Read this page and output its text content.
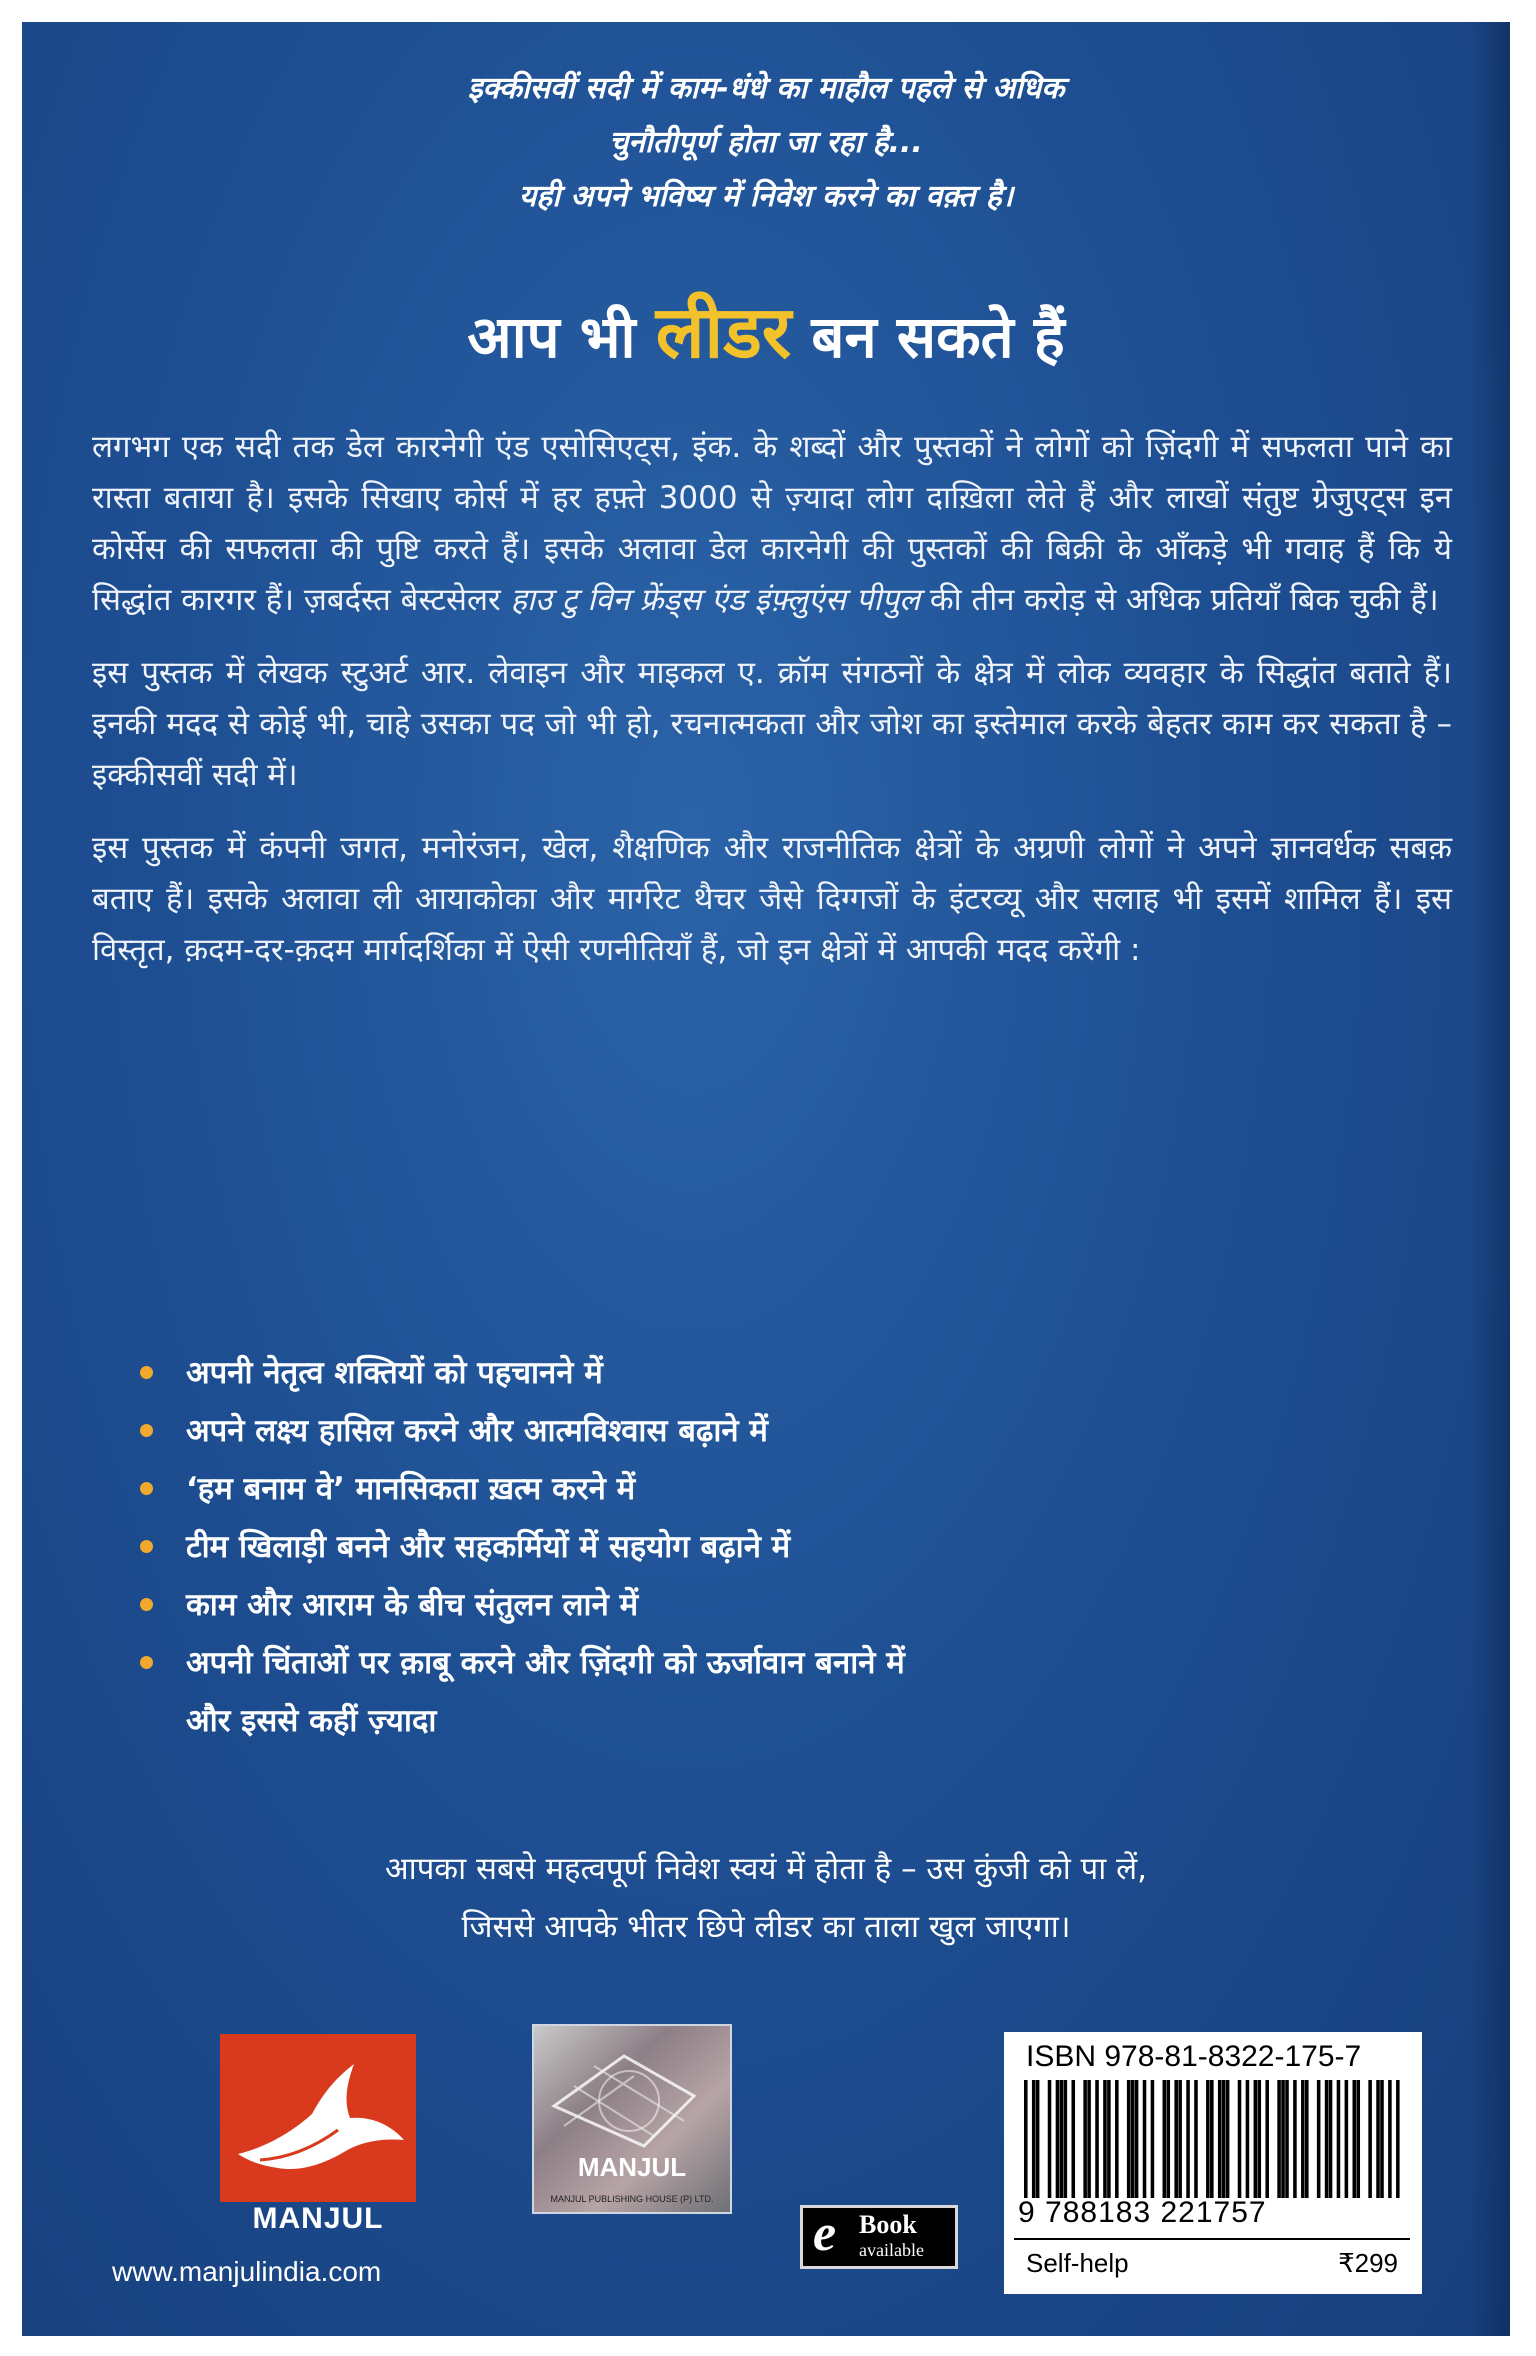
इक्कीसवीं सदी में काम-धंधे का माहौल पहले से अधिक
चुनौतीपूर्ण होता जा रहा है...
यही अपने भविष्य में निवेश करने का वक़्त है।
आप भी लीडर बन सकते हैं

लगभग एक सदी तक डेल कारनेगी एंड एसोसिएट्स, इंक. के शब्दों और पुस्तकों ने लोगों को ज़िंदगी में सफलता पाने का रास्ता बताया है। इसके सिखाए कोर्स में हर हफ़्ते 3000 से ज़्यादा लोग दाख़िला लेते हैं और लाखों संतुष्ट ग्रेजुएट्स इन कोर्सेस की सफलता की पुष्टि करते हैं। इसके अलावा डेल कारनेगी की पुस्तकों की बिक्री के आँकड़े भी गवाह हैं कि ये सिद्धांत कारगर हैं। ज़बर्दस्त बेस्टसेलर हाउ टु विन फ्रेंड्स एंड इंफ़्लुएंस पीपुल की तीन करोड़ से अधिक प्रतियाँ बिक चुकी हैं।

इस पुस्तक में लेखक स्टुअर्ट आर. लेवाइन और माइकल ए. क्रॉम संगठनों के क्षेत्र में लोक व्यवहार के सिद्धांत बताते हैं। इनकी मदद से कोई भी, चाहे उसका पद जो भी हो, रचनात्मकता और जोश का इस्तेमाल करके बेहतर काम कर सकता है – इक्कीसवीं सदी में।

इस पुस्तक में कंपनी जगत, मनोरंजन, खेल, शैक्षणिक और राजनीतिक क्षेत्रों के अग्रणी लोगों ने अपने ज्ञानवर्धक सबक़ बताए हैं। इसके अलावा ली आयाकोका और मार्गरेट थैचर जैसे दिग्गजों के इंटरव्यू और सलाह भी इसमें शामिल हैं। इस विस्तृत, क़दम-दर-क़दम मार्गदर्शिका में ऐसी रणनीतियाँ हैं, जो इन क्षेत्रों में आपकी मदद करेंगी :

अपनी नेतृत्व शक्तियों को पहचानने में
अपने लक्ष्य हासिल करने और आत्मविश्वास बढ़ाने में
‘हम बनाम वे’ मानसिकता ख़त्म करने में
टीम खिलाड़ी बनने और सहकर्मियों में सहयोग बढ़ाने में
काम और आराम के बीच संतुलन लाने में
अपनी चिंताओं पर क़ाबू करने और ज़िंदगी को ऊर्जावान बनाने में
और इससे कहीं ज़्यादा
आपका सबसे महत्वपूर्ण निवेश स्वयं में होता है – उस कुंजी को पा लें,
जिससे आपके भीतर छिपे लीडर का ताला खुल जाएगा।
MANJUL
www.manjulindia.com
MANJUL
MANJUL PUBLISHING HOUSE (P) LTD.
e Book
available
ISBN 978-81-8322-175-7
9 788183 221757
Self-help	₹299
